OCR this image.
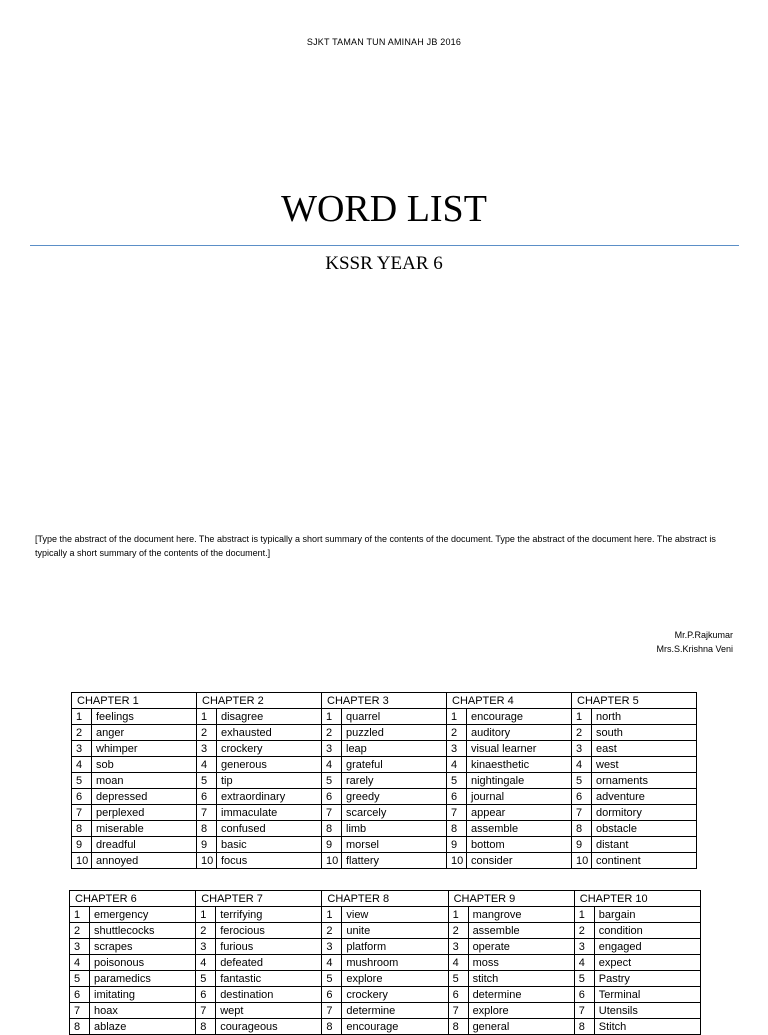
SJKT TAMAN TUN AMINAH JB 2016
WORD LIST
KSSR YEAR 6
[Type the abstract of the document here. The abstract is typically a short summary of the contents of the document. Type the abstract of the document here. The abstract is typically a short summary of the contents of the document.]
Mr.P.Rajkumar
Mrs.S.Krishna Veni
CHAPTER 1		CHAPTER 2		CHAPTER 3		CHAPTER 4		CHAPTER 5	
1	feelings	1	disagree	1	quarrel	1	encourage	1	north
2	anger	2	exhausted	2	puzzled	2	auditory	2	south
3	whimper	3	crockery	3	leap	3	visual learner	3	east
4	sob	4	generous	4	grateful	4	kinaesthetic	4	west
5	moan	5	tip	5	rarely	5	nightingale	5	ornaments
6	depressed	6	extraordinary	6	greedy	6	journal	6	adventure
7	perplexed	7	immaculate	7	scarcely	7	appear	7	dormitory
8	miserable	8	confused	8	limb	8	assemble	8	obstacle
9	dreadful	9	basic	9	morsel	9	bottom	9	distant
10	annoyed	10	focus	10	flattery	10	consider	10	continent
CHAPTER 6		CHAPTER 7		CHAPTER 8		CHAPTER 9		CHAPTER 10	
1	emergency	1	terrifying	1	view	1	mangrove	1	bargain
2	shuttlecocks	2	ferocious	2	unite	2	assemble	2	condition
3	scrapes	3	furious	3	platform	3	operate	3	engaged
4	poisonous	4	defeated	4	mushroom	4	moss	4	expect
5	paramedics	5	fantastic	5	explore	5	stitch	5	Pastry
6	imitating	6	destination	6	crockery	6	determine	6	Terminal
7	hoax	7	wept	7	determine	7	explore	7	Utensils
8	ablaze	8	courageous	8	encourage	8	general	8	Stitch
